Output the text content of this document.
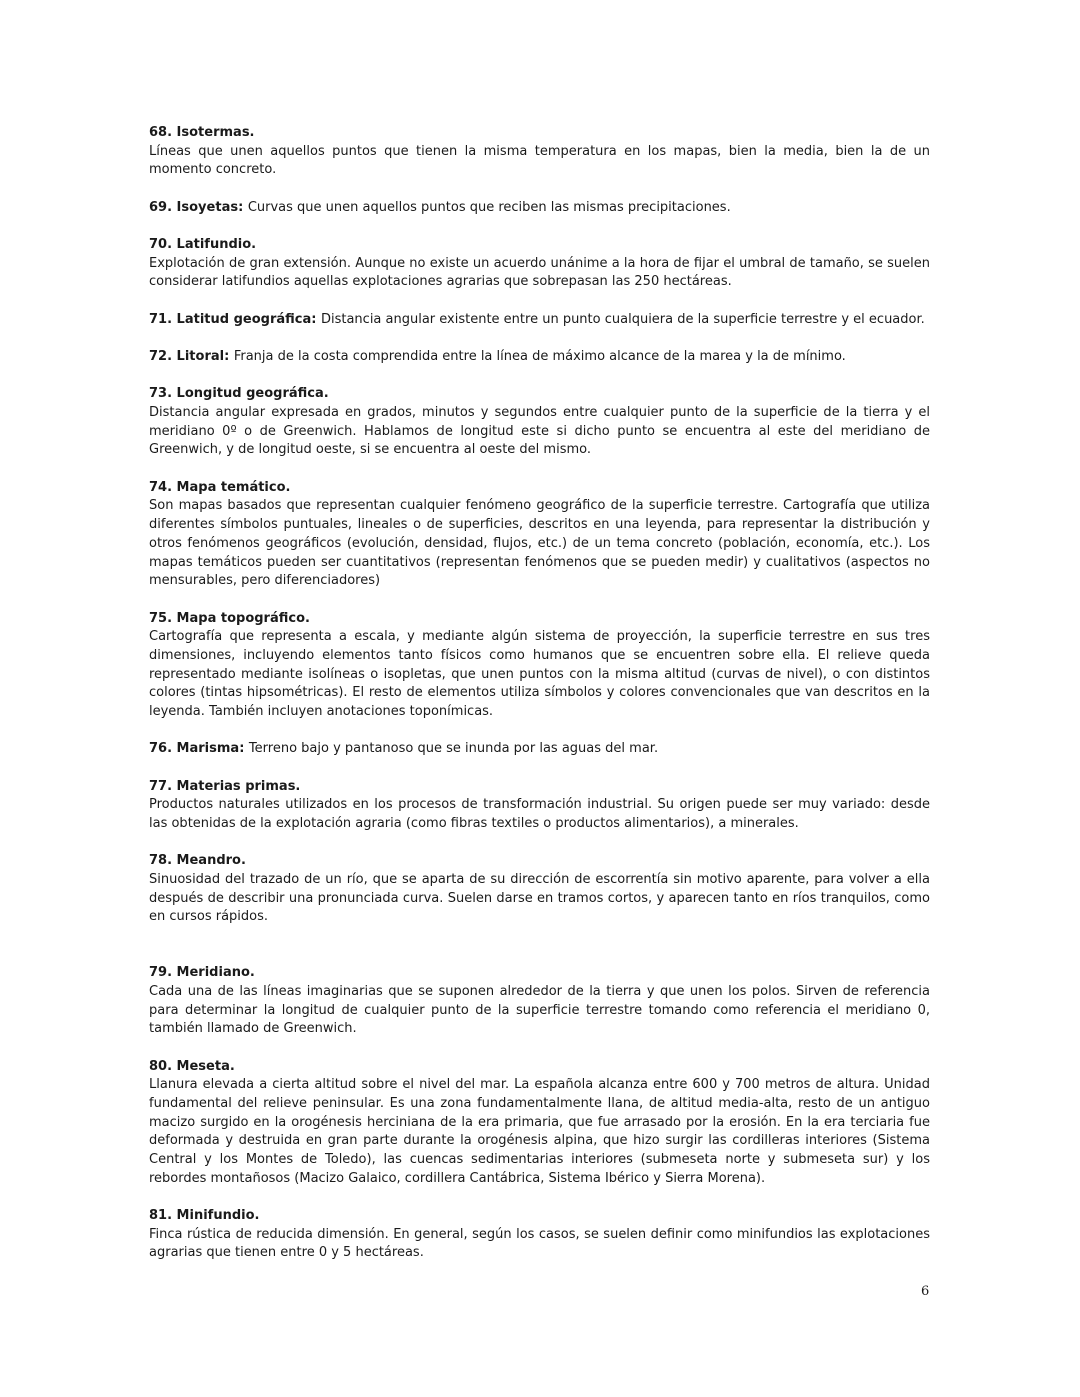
68. Isotermas.
Líneas que unen aquellos puntos que tienen la misma temperatura en los mapas, bien la media, bien la de un momento concreto.
69. Isoyetas: Curvas que unen aquellos puntos que reciben las mismas precipitaciones.
70. Latifundio.
Explotación de gran extensión. Aunque no existe un acuerdo unánime a la hora de fijar el umbral de tamaño, se suelen considerar latifundios aquellas explotaciones agrarias que sobrepasan las 250 hectáreas.
71. Latitud geográfica: Distancia angular existente entre un punto cualquiera de la superficie terrestre y el ecuador.
72. Litoral: Franja de la costa comprendida entre la línea de máximo alcance de la marea y la de mínimo.
73. Longitud geográfica.
Distancia angular expresada en grados, minutos y segundos entre cualquier punto de la superficie de la tierra y el meridiano 0º o de Greenwich. Hablamos de longitud este si dicho punto se encuentra al este del meridiano de Greenwich, y de longitud oeste, si se encuentra al oeste del mismo.
74. Mapa temático.
Son mapas basados que representan cualquier fenómeno geográfico de la superficie terrestre. Cartografía que utiliza diferentes símbolos puntuales, lineales o de superficies, descritos en una leyenda, para representar la distribución y otros fenómenos geográficos (evolución, densidad, flujos, etc.) de un tema concreto (población, economía, etc.). Los mapas temáticos pueden ser cuantitativos (representan fenómenos que se pueden medir) y cualitativos (aspectos no mensurables, pero diferenciadores)
75. Mapa topográfico.
Cartografía que representa a escala, y mediante algún sistema de proyección, la superficie terrestre en sus tres dimensiones, incluyendo elementos tanto físicos como humanos que se encuentren sobre ella. El relieve queda representado mediante isolíneas o isopletas, que unen puntos con la misma altitud (curvas de nivel), o con distintos colores (tintas hipsométricas). El resto de elementos utiliza símbolos y colores convencionales que van descritos en la leyenda. También incluyen anotaciones toponímicas.
76. Marisma: Terreno bajo y pantanoso que se inunda por las aguas del mar.
77. Materias primas.
Productos naturales utilizados en los procesos de transformación industrial. Su origen puede ser muy variado: desde las obtenidas de la explotación agraria (como fibras textiles o productos alimentarios), a minerales.
78. Meandro.
Sinuosidad del trazado de un río, que se aparta de su dirección de escorrentía sin motivo aparente, para volver a ella después de describir una pronunciada curva. Suelen darse en tramos cortos, y aparecen tanto en ríos tranquilos, como en cursos rápidos.
79. Meridiano.
Cada una de las líneas imaginarias que se suponen alrededor de la tierra y que unen los polos. Sirven de referencia para determinar la longitud de cualquier punto de la superficie terrestre tomando como referencia el meridiano 0, también llamado de Greenwich.
80. Meseta.
Llanura elevada a cierta altitud sobre el nivel del mar. La española alcanza entre 600 y 700 metros de altura. Unidad fundamental del relieve peninsular. Es una zona fundamentalmente llana, de altitud media-alta, resto de un antiguo macizo surgido en la orogénesis herciniana de la era primaria, que fue arrasado por la erosión. En la era terciaria fue deformada y destruida en gran parte durante la orogénesis alpina, que hizo surgir las cordilleras interiores (Sistema Central y los Montes de Toledo), las cuencas sedimentarias interiores (submeseta norte y submeseta sur) y los rebordes montañosos (Macizo Galaico, cordillera Cantábrica, Sistema Ibérico y Sierra Morena).
81. Minifundio.
Finca rústica de reducida dimensión. En general, según los casos, se suelen definir como minifundios las explotaciones agrarias que tienen entre 0 y 5 hectáreas.
6
